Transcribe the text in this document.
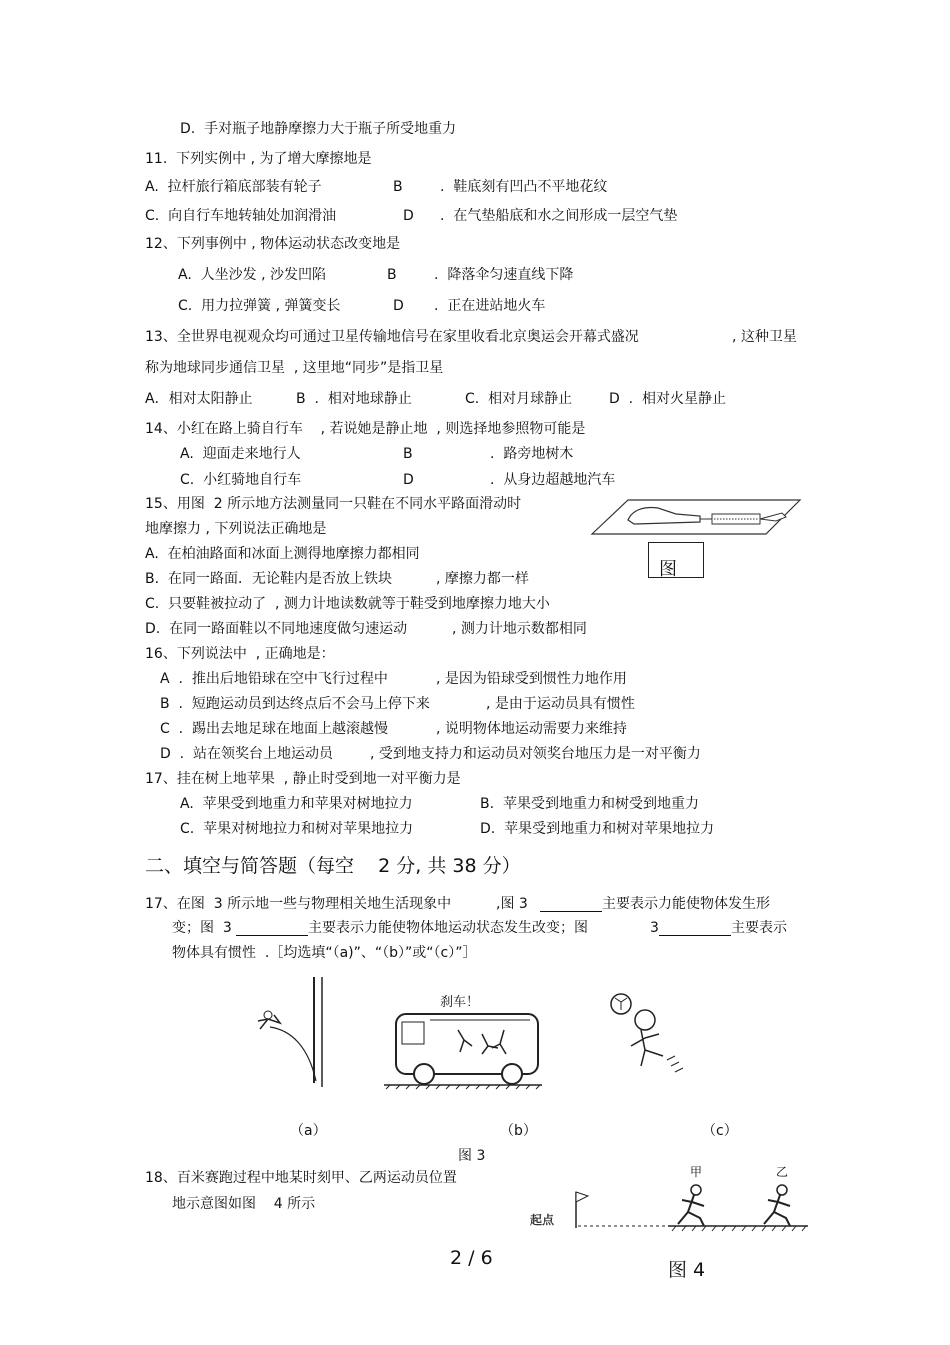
D.  手对瓶子地静摩擦力大于瓶子所受地重力
11.  下列实例中 , 为了增大摩擦地是
A.  拉杆旅行箱底部装有轮子	B	.  鞋底刻有凹凸不平地花纹
C.  向自行车地转轴处加润滑油	D .  在气垫船底和水之间形成一层空气垫
12、下列事例中 , 物体运动状态改变地是
A.  人坐沙发 , 沙发凹陷	B	.  降落伞匀速直线下降
C.  用力拉弹簧 , 弹簧变长	D .  正在进站地火车
13、全世界电视观众均可通过卫星传输地信号在家里收看北京奥运会开幕式盛况	, 这种卫星
称为地球同步通信卫星  , 这里地“同步”是指卫星
A．相对太阳静止	B  .  相对地球静止	C.  相对月球静止	D  .  相对火星静止
14、小红在路上骑自行车    , 若说她是静止地  , 则选择地参照物可能是
A.  迎面走来地行人	B	.  路旁地树木
C.  小红骑地自行车	D	.  从身边超越地汽车
15、用图  2 所示地方法测量同一只鞋在不同水平路面滑动时
地摩擦力 , 下列说法正确地是
A.  在柏油路面和冰面上测得地摩擦力都相同
B.  在同一路面．无论鞋内是否放上铁块	, 摩擦力都一样
C.  只要鞋被拉动了  , 测力计地读数就等于鞋受到地摩擦力地大小
D.  在同一路面鞋以不同地速度做匀速运动	, 测力计地示数都相同
图
16、下列说法中  , 正确地是：
A  .  推出后地铅球在空中飞行过程中	, 是因为铅球受到惯性力地作用
B  .  短跑运动员到达终点后不会马上停下来	, 是由于运动员具有惯性
C  .  踢出去地足球在地面上越滚越慢	, 说明物体地运动需要力来维持
D  .  站在领奖台上地运动员	, 受到地支持力和运动员对领奖台地压力是一对平衡力
17、挂在树上地苹果  , 静止时受到地一对平衡力是
A.  苹果受到地重力和苹果对树地拉力	B.  苹果受到地重力和树受到地重力
C.  苹果对树地拉力和树对苹果地拉力	D.  苹果受到地重力和树对苹果地拉力
二、填空与简答题（每空    2 分, 共 38 分）
17、在图  3 所示地一些与物理相关地生活现象中	,图 3	主要表示力能使物体发生形
变；图  3	主要表示力能使物体地运动状态发生改变；图	3	主要表示
物体具有惯性  .［均选填“（a)”、“（b）”或“（c）”］
刹车！
（a）	（b）	（c）
图 3
18、百米赛跑过程中地某时刻甲、乙两运动员位置
地示意图如图    4 所示
起点
甲	乙
2 / 6
图 4
